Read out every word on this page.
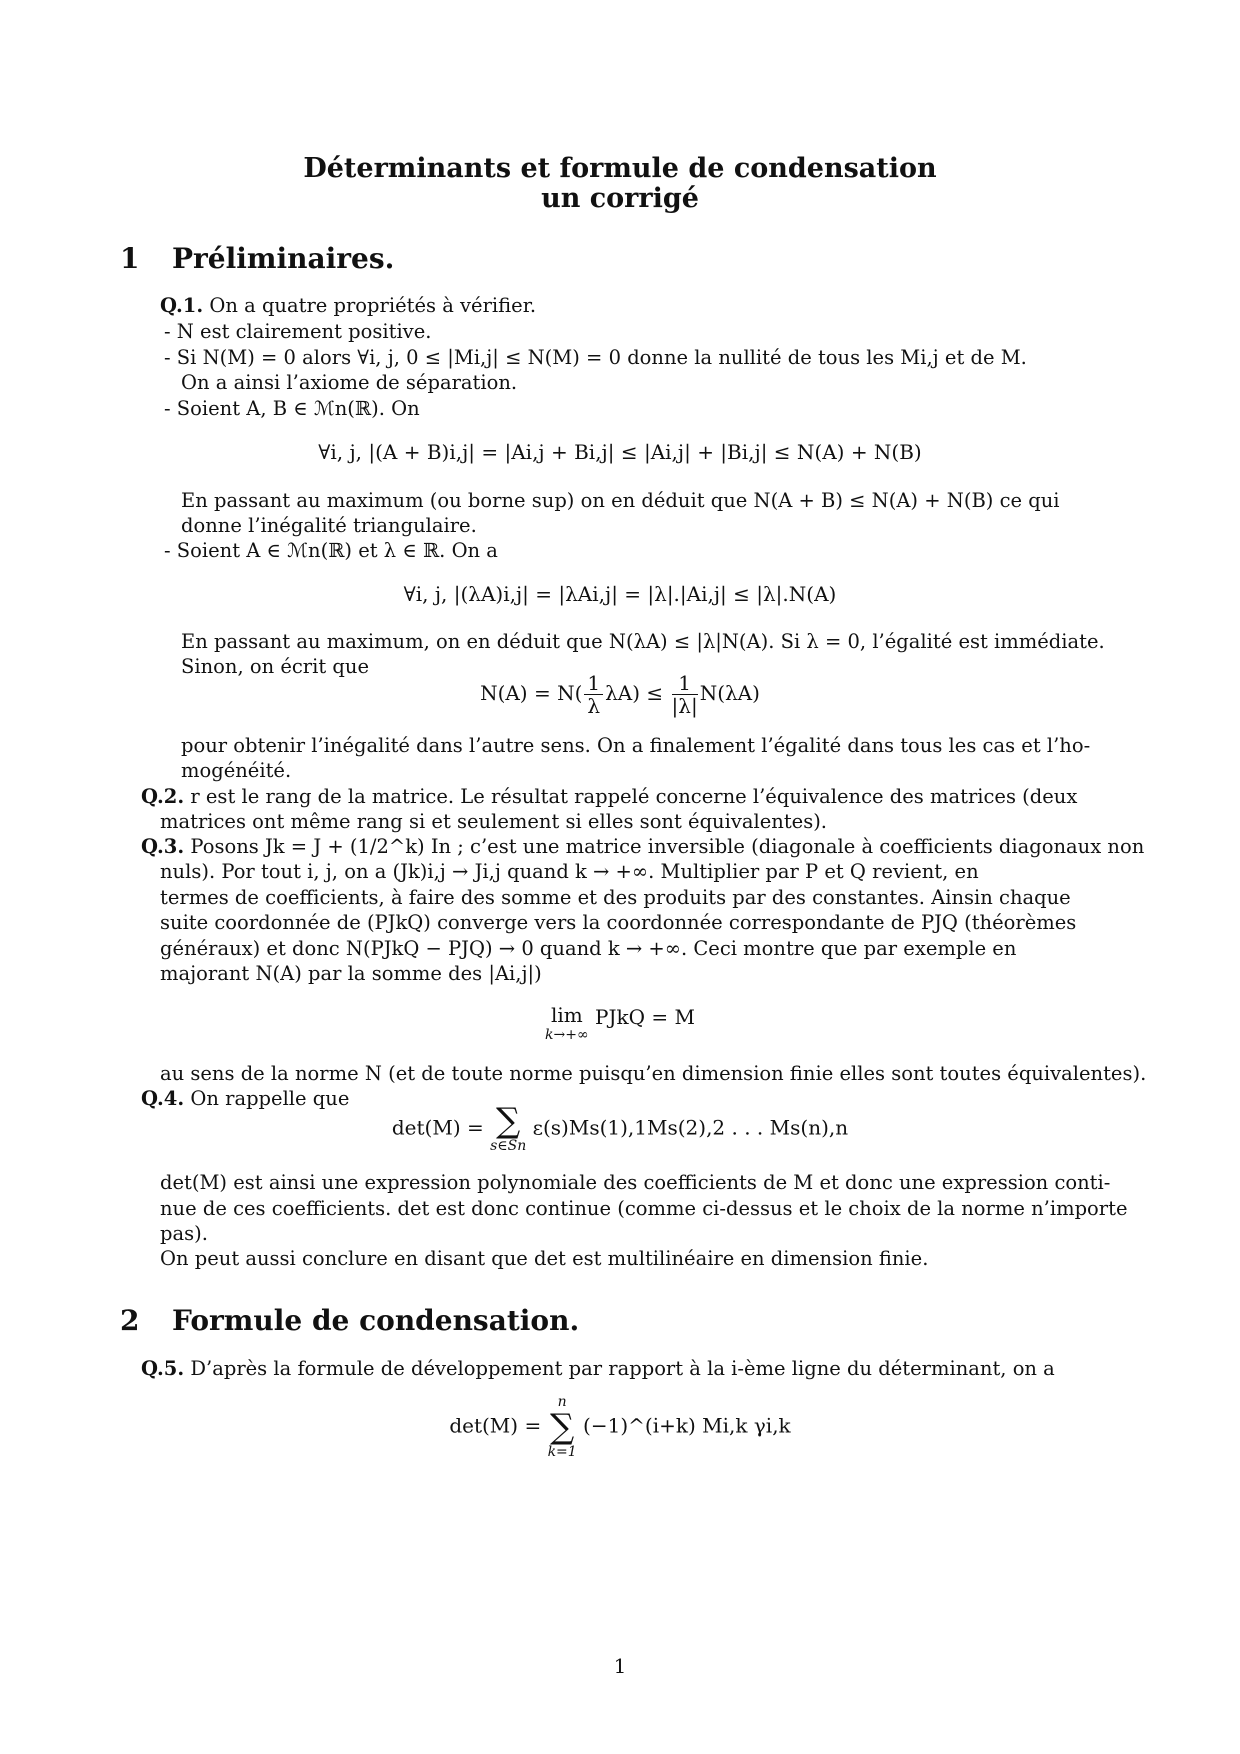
Déterminants et formule de condensation
un corrigé
1 Préliminaires.
Q.1. On a quatre propriétés à vérifier.
- N est clairement positive.
- Si N(M) = 0 alors ∀i, j, 0 ≤ |Mi,j| ≤ N(M) = 0 donne la nullité de tous les Mi,j et de M.
On a ainsi l’axiome de séparation.
- Soient A, B ∈ ℳn(ℝ). On
∀i, j, |(A + B)i,j| = |Ai,j + Bi,j| ≤ |Ai,j| + |Bi,j| ≤ N(A) + N(B)
En passant au maximum (ou borne sup) on en déduit que N(A + B) ≤ N(A) + N(B) ce qui
donne l’inégalité triangulaire.
- Soient A ∈ ℳn(ℝ) et λ ∈ ℝ. On a
∀i, j, |(λA)i,j| = |λAi,j| = |λ|.|Ai,j| ≤ |λ|.N(A)
En passant au maximum, on en déduit que N(λA) ≤ |λ|N(A). Si λ = 0, l’égalité est immédiate.
Sinon, on écrit que
$N(A) = N( \frac{1}{\lambda} \lambda A) \le \frac{1}{|\lambda|} N(\lambda A)$
pour obtenir l’inégalité dans l’autre sens. On a finalement l’égalité dans tous les cas et l’ho-
mogénéité.
Q.2. r est le rang de la matrice. Le résultat rappelé concerne l’équivalence des matrices (deux
matrices ont même rang si et seulement si elles sont équivalentes).
Q.3. Posons Jk = J + (1/2^k) In ; c’est une matrice inversible (diagonale à coefficients diagonaux non
nuls). Por tout i, j, on a (Jk)i,j → Ji,j quand k → +∞. Multiplier par P et Q revient, en
termes de coefficients, à faire des somme et des produits par des constantes. Ainsin chaque
suite coordonnée de (PJkQ) converge vers la coordonnée correspondante de PJQ (théorèmes
généraux) et donc N(PJkQ − PJQ) → 0 quand k → +∞. Ceci montre que par exemple en
majorant N(A) par la somme des |Ai,j|)
lim
k→+∞
PJkQ = M
au sens de la norme N (et de toute norme puisqu’en dimension finie elles sont toutes équivalentes).
Q.4. On rappelle que
det(M) = ∑
s∈Sn
ε(s)Ms(1),1Ms(2),2 . . . Ms(n),n
det(M) est ainsi une expression polynomiale des coefficients de M et donc une expression conti-
nue de ces coefficients. det est donc continue (comme ci-dessus et le choix de la norme n’importe
pas).
On peut aussi conclure en disant que det est multilinéaire en dimension finie.
2 Formule de condensation.
Q.5. D’après la formule de développement par rapport à la i-ème ligne du déterminant, on a
det(M) =
n
∑
k=1
(−1)^(i+k) Mi,k γi,k
1
